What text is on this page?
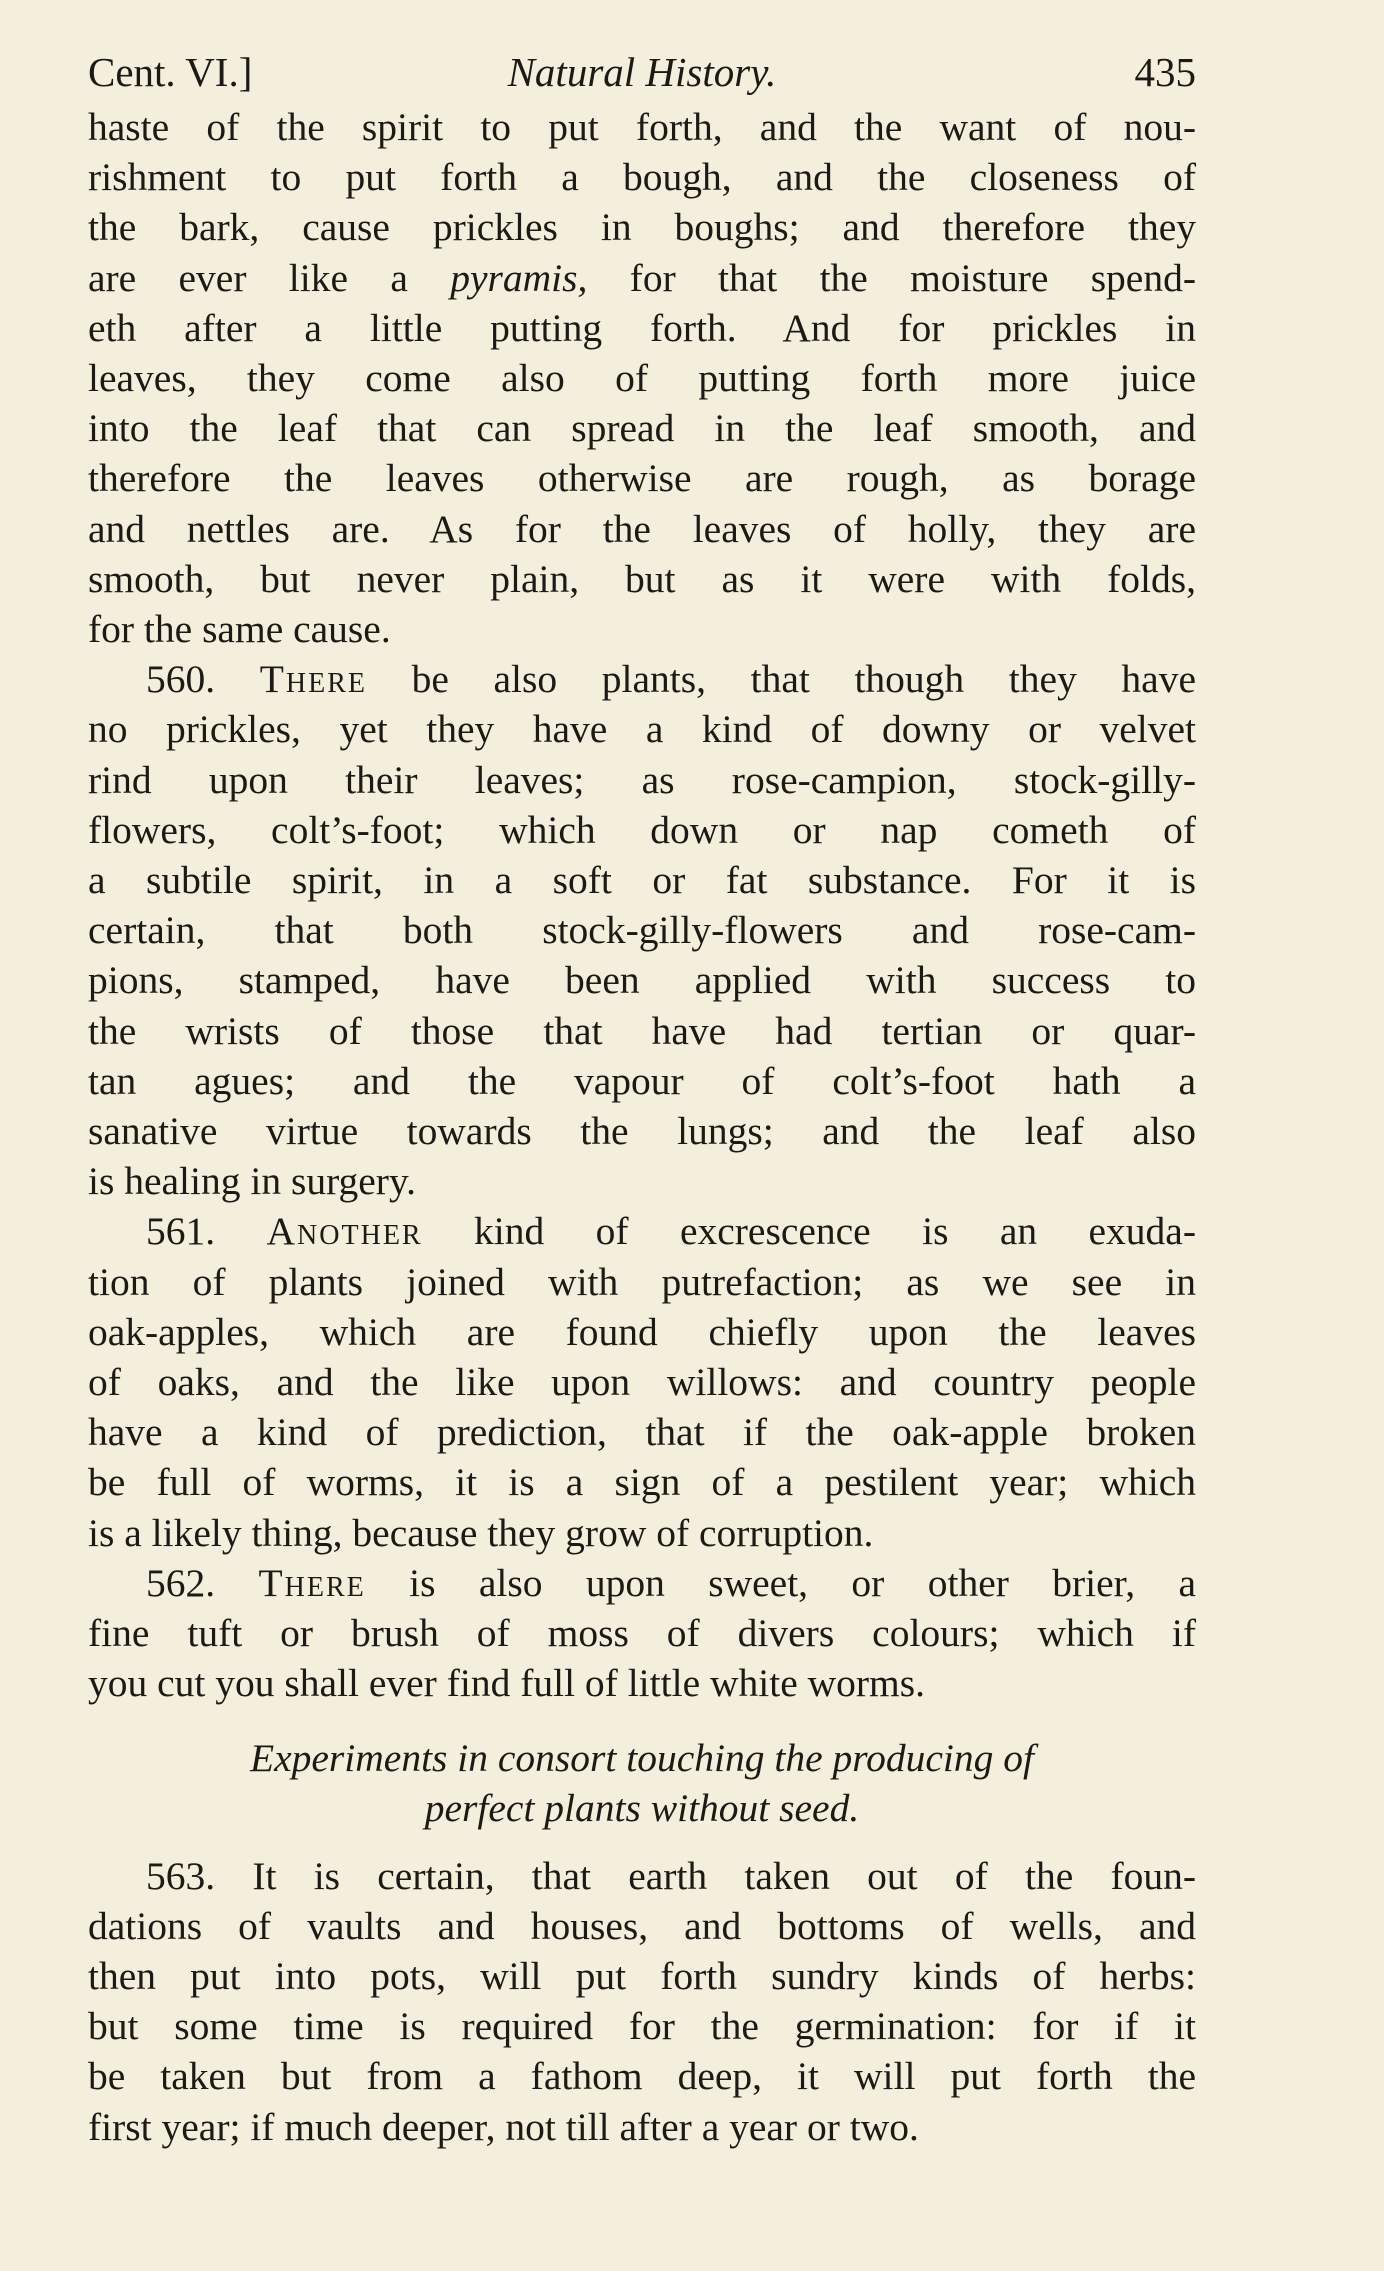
Cent. VI.]	Natural History.	435
haste of the spirit to put forth, and the want of nou-
rishment to put forth a bough, and the closeness of
the bark, cause prickles in boughs; and therefore they
are ever like a pyramis, for that the moisture spend-
eth after a little putting forth. And for prickles in
leaves, they come also of putting forth more juice
into the leaf that can spread in the leaf smooth, and
therefore the leaves otherwise are rough, as borage
and nettles are. As for the leaves of holly, they are
smooth, but never plain, but as it were with folds,
for the same cause.
560. There be also plants, that though they have
no prickles, yet they have a kind of downy or velvet
rind upon their leaves; as rose-campion, stock-gilly-
flowers, colt’s-foot; which down or nap cometh of
a subtile spirit, in a soft or fat substance. For it is
certain, that both stock-gilly-flowers and rose-cam-
pions, stamped, have been applied with success to
the wrists of those that have had tertian or quar-
tan agues; and the vapour of colt’s-foot hath a
sanative virtue towards the lungs; and the leaf also
is healing in surgery.
561. Another kind of excrescence is an exuda-
tion of plants joined with putrefaction; as we see in
oak-apples, which are found chiefly upon the leaves
of oaks, and the like upon willows: and country people
have a kind of prediction, that if the oak-apple broken
be full of worms, it is a sign of a pestilent year; which
is a likely thing, because they grow of corruption.
562. There is also upon sweet, or other brier, a
fine tuft or brush of moss of divers colours; which if
you cut you shall ever find full of little white worms.
Experiments in consort touching the producing of
perfect plants without seed.
563. It is certain, that earth taken out of the foun-
dations of vaults and houses, and bottoms of wells, and
then put into pots, will put forth sundry kinds of herbs:
but some time is required for the germination: for if it
be taken but from a fathom deep, it will put forth the
first year; if much deeper, not till after a year or two.
